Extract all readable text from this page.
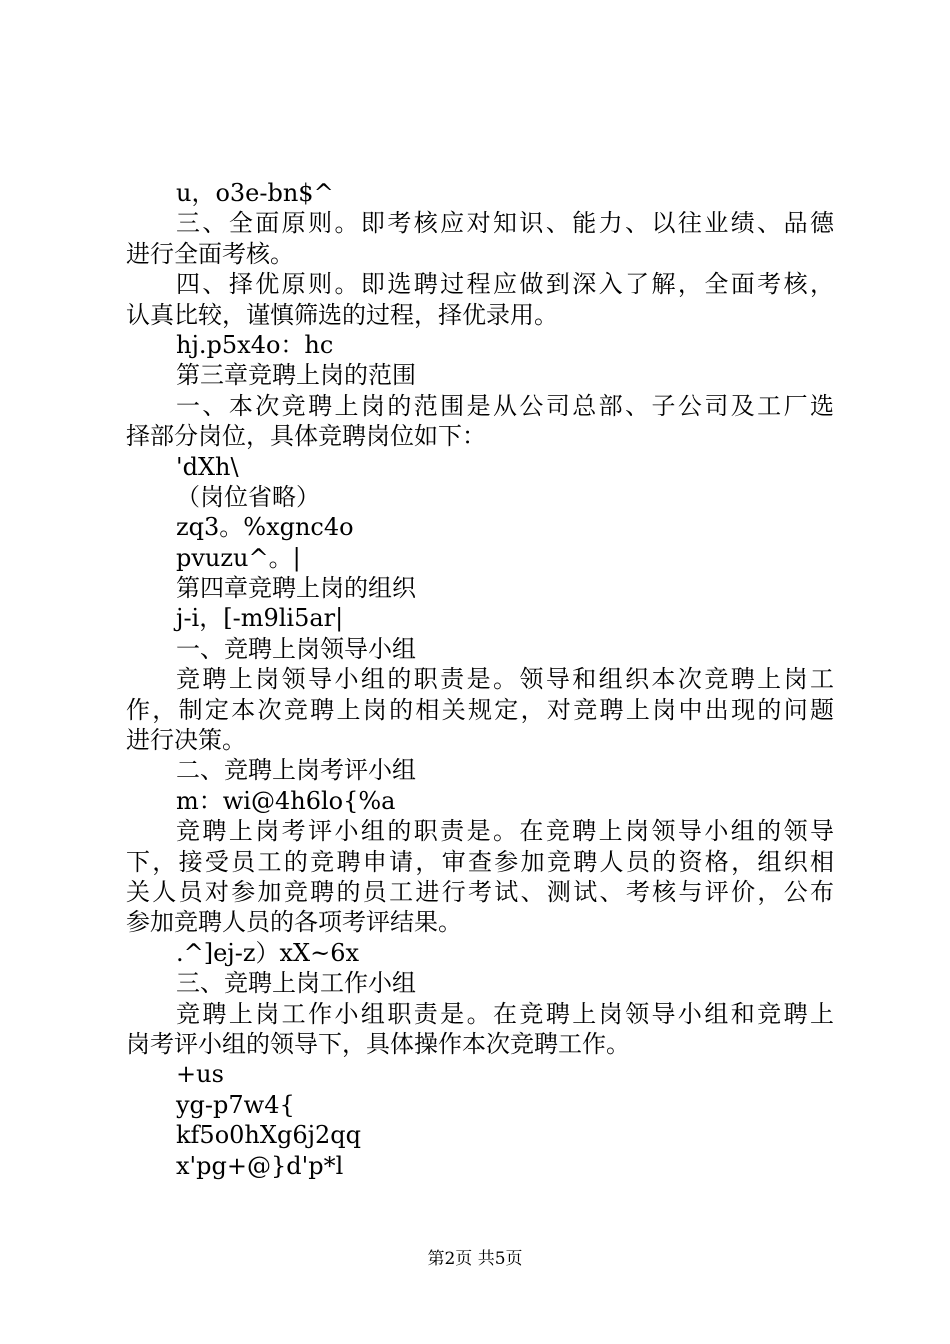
u，o3e-bn$^
三、全面原则。即考核应对知识、能力、以往业绩、品德
进行全面考核。
四、择优原则。即选聘过程应做到深入了解，全面考核，
认真比较，谨慎筛选的过程，择优录用。
hj.p5x4o：hc
第三章竞聘上岗的范围
一、本次竞聘上岗的范围是从公司总部、子公司及工厂选
择部分岗位，具体竞聘岗位如下：
'dXh\
（岗位省略）
zq3。%xgnc4o
pvuzu^。|
第四章竞聘上岗的组织
j-i，[-m9li5ar|
一、竞聘上岗领导小组
竞聘上岗领导小组的职责是。领导和组织本次竞聘上岗工
作，制定本次竞聘上岗的相关规定，对竞聘上岗中出现的问题
进行决策。
二、竞聘上岗考评小组
m：wi@4h6lo{%a
竞聘上岗考评小组的职责是。在竞聘上岗领导小组的领导
下，接受员工的竞聘申请，审查参加竞聘人员的资格，组织相
关人员对参加竞聘的员工进行考试、测试、考核与评价，公布
参加竞聘人员的各项考评结果。
.^]ej-z）xX~6x
三、竞聘上岗工作小组
竞聘上岗工作小组职责是。在竞聘上岗领导小组和竞聘上
岗考评小组的领导下，具体操作本次竞聘工作。
+us
yg-p7w4{
kf5o0hXg6j2qq
x'pg+@}d'p*l
第2页 共5页
